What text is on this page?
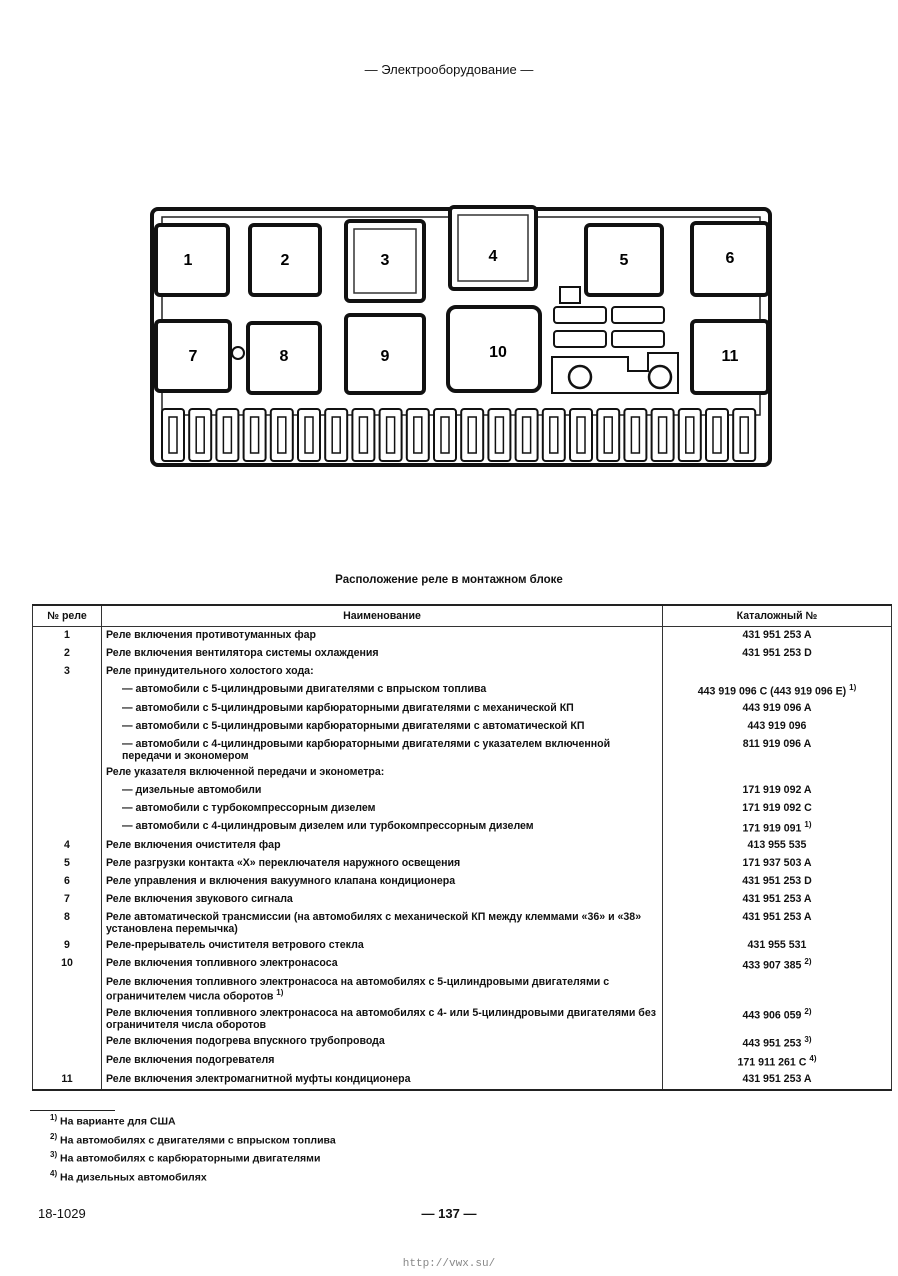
— Электрооборудование —
1	2	3	4	5	6
7	8	9	10	11
Расположение реле в монтажном блоке
№ реле	Наименование	Каталожный №
1	Реле включения противотуманных фар	431 951 253 A
2	Реле включения вентилятора системы охлаждения	431 951 253 D
3	Реле принудительного холостого хода:	
	— автомобили с 5-цилиндровыми двигателями с впрыском топлива	443 919 096 C (443 919 096 E) $^{1)}$
	— автомобили с 5-цилиндровыми карбюраторными двигателями с механической КП	443 919 096 A
	— автомобили с 5-цилиндровыми карбюраторными двигателями с автоматической КП	443 919 096
	— автомобили с 4-цилиндровыми карбюраторными двигателями с указателем включенной передачи и экономером	811 919 096 A
	Реле указателя включенной передачи и эконометра:	
	— дизельные автомобили	171 919 092 A
	— автомобили с турбокомпрессорным дизелем	171 919 092 C
	— автомобили с 4-цилиндровым дизелем или турбокомпрессорным дизелем	171 919 091 $^{1)}$
4	Реле включения очистителя фар	413 955 535
5	Реле разгрузки контакта «X» переключателя наружного освещения	171 937 503 A
6	Реле управления и включения вакуумного клапана кондиционера	431 951 253 D
7	Реле включения звукового сигнала	431 951 253 A
8	Реле автоматической трансмиссии (на автомобилях с механической КП между клеммами «36» и «38» установлена перемычка)	431 951 253 A
9	Реле-прерыватель очистителя ветрового стекла	431 955 531
10	Реле включения топливного электронасоса	433 907 385 $^{2)}$
	Реле включения топливного электронасоса на автомобилях с 5-цилиндровыми двигателями с ограничителем числа оборотов $^{1)}$	
	Реле включения топливного электронасоса на автомобилях с 4- или 5-цилиндровыми двигателями без ограничителя числа оборотов	443 906 059 $^{2)}$
	Реле включения подогрева впускного трубопровода	443 951 253 $^{3)}$
	Реле включения подогревателя	171 911 261 C $^{4)}$
11	Реле включения электромагнитной муфты кондиционера	431 951 253 A
$^{1)}$ На варианте для США
$^{2)}$ На автомобилях с двигателями с впрыском топлива
$^{3)}$ На автомобилях с карбюраторными двигателями
$^{4)}$ На дизельных автомобилях
18-1029	— 137 —
http://vwx.su/
